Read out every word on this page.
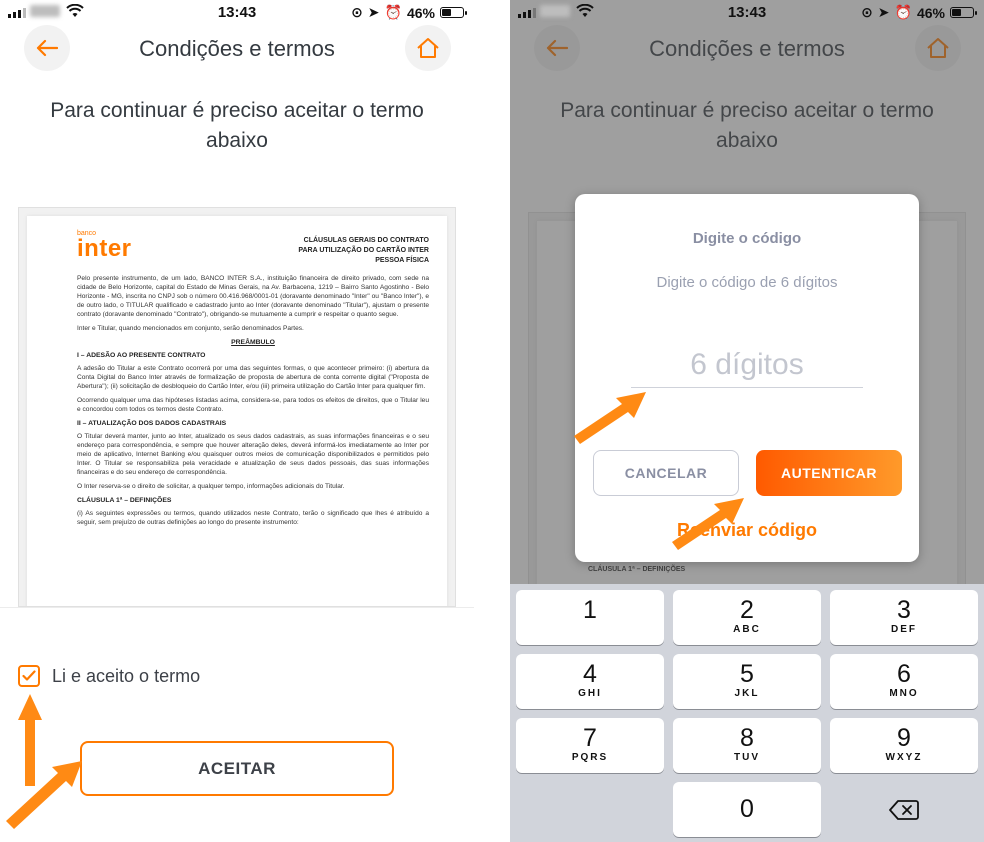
13:43	⊙ ➤ ⏰ 46%
Condições e termos
Para continuar é preciso aceitar o termo abaixo
banco
inter	CLÁUSULAS GERAIS DO CONTRATO
PARA UTILIZAÇÃO DO CARTÃO INTER
PESSOA FÍSICA

Pelo presente instrumento, de um lado, BANCO INTER S.A., instituição financeira de direito privado, com sede na cidade de Belo Horizonte, capital do Estado de Minas Gerais, na Av. Barbacena, 1219 – Bairro Santo Agostinho - Belo Horizonte - MG, inscrita no CNPJ sob o número 00.416.968/0001-01 (doravante denominado "Inter" ou "Banco Inter"), e de outro lado, o TITULAR qualificado e cadastrado junto ao Inter (doravante denominado "Titular"), ajustam o presente contrato (doravante denominado "Contrato"), obrigando-se mutuamente a cumprir e respeitar o quanto segue.

Inter e Titular, quando mencionados em conjunto, serão denominados Partes.

PREÂMBULO
I – ADESÃO AO PRESENTE CONTRATO

A adesão do Titular a este Contrato ocorrerá por uma das seguintes formas, o que acontecer primeiro: (i) abertura da Conta Digital do Banco Inter através de formalização de proposta de abertura de conta corrente digital ("Proposta de Abertura"); (ii) solicitação de desbloqueio do Cartão Inter, e/ou (iii) primeira utilização do Cartão Inter para qualquer fim.

Ocorrendo qualquer uma das hipóteses listadas acima, considera-se, para todos os efeitos de direitos, que o Titular leu e concordou com todos os termos deste Contrato.

II – ATUALIZAÇÃO DOS DADOS CADASTRAIS

O Titular deverá manter, junto ao Inter, atualizado os seus dados cadastrais, as suas informações financeiras e o seu endereço para correspondência, e sempre que houver alteração deles, deverá informá-los imediatamente ao Inter por meio de aplicativo, Internet Banking e/ou quaisquer outros meios de comunicação disponibilizados e permitidos pelo Inter. O Titular se responsabiliza pela veracidade e atualização de seus dados pessoais, das suas informações financeiras e do seu endereço de correspondência.

O Inter reserva-se o direito de solicitar, a qualquer tempo, informações adicionais do Titular.

CLÁUSULA 1ª – DEFINIÇÕES

(i) As seguintes expressões ou termos, quando utilizados neste Contrato, terão o significado que lhes é atribuído a seguir, sem prejuízo de outras definições ao longo do presente instrumento:

Li e aceito o termo
ACEITAR
13:43	⊙ ➤ ⏰ 46%
Digite o código
Digite o código de 6 dígitos
6 dígitos
CANCELAR	AUTENTICAR
Reenviar código
1	2
ABC
3
DEF
4
GHI
5
JKL
6
MNO
7
PQRS
8
TUV
9
WXYZ
0
